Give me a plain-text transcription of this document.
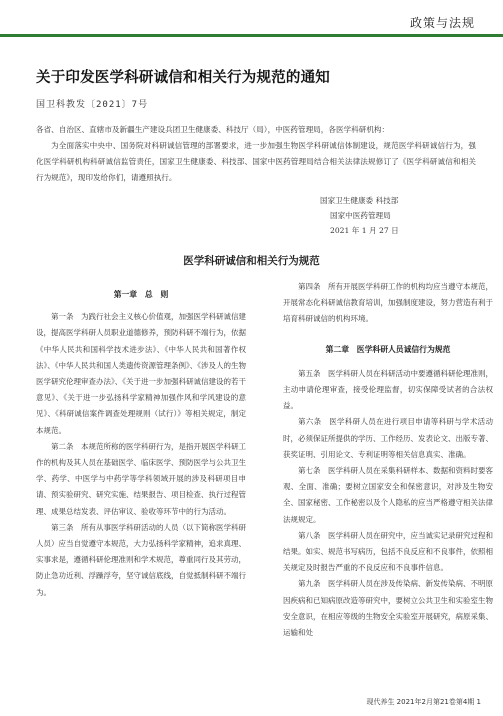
政策与法规
关于印发医学科研诚信和相关行为规范的通知
国卫科教发〔2021〕7号

各省、自治区、直辖市及新疆生产建设兵团卫生健康委、科技厅（局），中医药管理局，各医学科研机构：

为全面落实中央中、国务院对科研诚信管理的部署要求，进一步加强生物医学科研诚信体制建设，规范医学科研诚信行为，强化医学科研机构科研诚信监管责任，国家卫生健康委、科技部、国家中医药管理局结合相关法律法规修订了《医学科研诚信和相关行为规范》，现印发给你们，请遵照执行。

国家卫生健康委 科技部
国家中医药管理局
2021 年 1 月 27 日
医学科研诚信和相关行为规范
第一章　总　则

第一条　为践行社会主义核心价值观，加强医学科研诚信建设，提高医学科研人员职业道德修养，预防科研不端行为，依据《中华人民共和国科学技术进步法》、《中华人民共和国著作权法》、《中华人民共和国人类遗传资源管理条例》、《涉及人的生物医学研究伦理审查办法》、《关于进一步加强科研诚信建设的若干意见》、《关于进一步弘扬科学家精神加强作风和学风建设的意见》、《科研诚信案件调查处理规则（试行）》等相关规定，制定本规范。

第二条　本规范所称的医学科研行为，是指开展医学科研工作的机构及其人员在基础医学、临床医学、预防医学与公共卫生学、药学、中医学与中药学等学科领域开展的涉及科研项目申请、预实验研究、研究实施、结果报告、项目检查、执行过程管理、成果总结发表、评估审议、验收等环节中的行为活动。

第三条　所有从事医学科研活动的人员（以下简称医学科研人员）应当自觉遵守本规范，大力弘扬科学家精神，追求真理、实事求是，遵循科研伦理准则和学术规范，尊重同行及其劳动，防止急功近利、浮躁浮夸，坚守诚信底线，自觉抵制科研不端行为。

第四条　所有开展医学科研工作的机构均应当遵守本规范，开展常态化科研诚信教育培训，加强制度建设，努力营造有利于培育科研诚信的机构环境。

第二章　医学科研人员诚信行为规范

第五条　医学科研人员在科研活动中要遵循科研伦理准则，主动申请伦理审查，接受伦理监督，切实保障受试者的合法权益。

第六条　医学科研人员在进行项目申请等科研与学术活动时，必须保证所提供的学历、工作经历、发表论文、出版专著、获奖证明、引用论文、专利证明等相关信息真实、准确。

第七条　医学科研人员在采集科研样本、数据和资料时要客观、全面、准确；要树立国家安全和保密意识，对涉及生物安全、国家秘密、工作秘密以及个人隐私的应当严格遵守相关法律法规规定。

第八条　医学科研人员在研究中，应当诚实记录研究过程和结果。如实、规范书写病历，包括不良反应和不良事件，依照相关规定及时报告严重的不良反应和不良事件信息。

第九条　医学科研人员在涉及传染病、新发传染病、不明原因疾病和已知病原改造等研究中，要树立公共卫生和实验室生物安全意识，在相应等级的生物安全实验室开展研究，病原采集、运输和处

现代养生 2021年2月第21卷第4期 1
